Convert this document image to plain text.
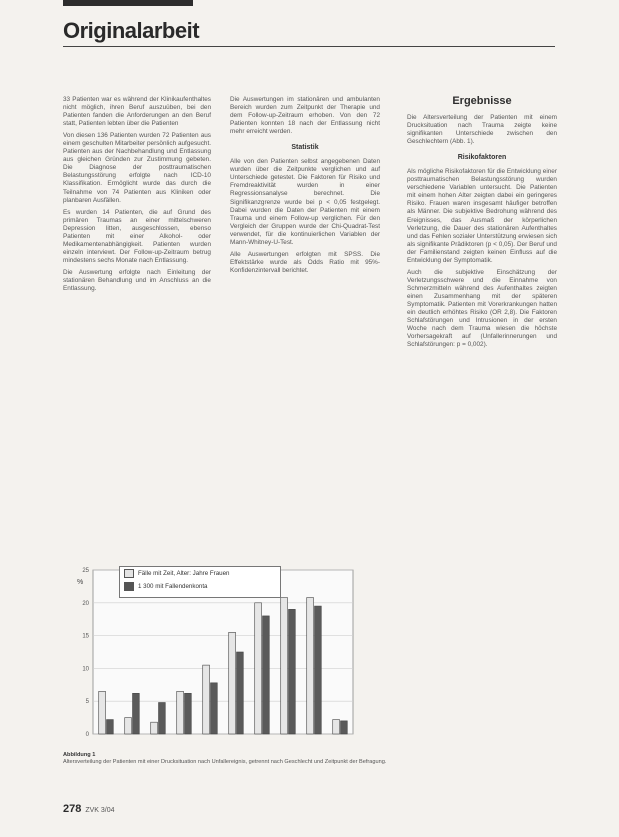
Originalarbeit

33 Patienten war es während der Klinikaufenthaltes nicht möglich, ihren Beruf auszuüben, bei den Patienten fanden die Anforderungen an den Beruf statt, Patienten lebten über die Patienten

Von diesen 136 Patienten wurden 72 Patienten aus einem geschulten Mitarbeiter persönlich aufgesucht. Patienten aus der Nachbehandlung und Entlassung aus gleichen Gründen zur Zustimmung gebeten. Die Diagnose der posttraumatischen Belastungsstörung erfolgte nach ICD-10 Klassifikation. Ermöglicht wurde das durch die Teilnahme von 74 Patienten aus Kliniken oder planbaren Ausfällen.

Es wurden 14 Patienten, die auf Grund des primären Traumas an einer mittelschweren Depression litten, ausgeschlossen, ebenso Patienten mit einer Alkohol- oder Medikamentenabhängigkeit. Patienten wurden einzeln interviewt. Der Follow-up-Zeitraum betrug mindestens sechs Monate nach Entlassung.

Die Auswertung erfolgte nach Einleitung der stationären Behandlung und im Anschluss an die Entlassung.

Die Auswertungen im stationären und ambulanten Bereich wurden zum Zeitpunkt der Therapie und dem Follow-up-Zeitraum erhoben. Von den 72 Patienten konnten 18 nach der Entlassung nicht mehr erreicht werden.

Statistik

Alle von den Patienten selbst angegebenen Daten wurden über die Zeitpunkte verglichen und auf Unterschiede getestet. Die Faktoren für Risiko und Fremdreaktivität wurden in einer Regressionsanalyse berechnet. Die Signifikanzgrenze wurde bei p < 0,05 festgelegt. Dabei wurden die Daten der Patienten mit einem Trauma und einem Follow-up verglichen. Für den Vergleich der Gruppen wurde der Chi-Quadrat-Test verwendet, für die kontinuierlichen Variablen der Mann-Whitney-U-Test.

Alle Auswertungen erfolgten mit SPSS. Die Effektstärke wurde als Odds Ratio mit 95%-Konfidenzintervall berichtet.

Ergebnisse

Die Altersverteilung der Patienten mit einem Drucksituation nach Trauma zeigte keine signifikanten Unterschiede zwischen den Geschlechtern (Abb. 1).

Risikofaktoren

Als mögliche Risikofaktoren für die Entwicklung einer posttraumatischen Belastungsstörung wurden verschiedene Variablen untersucht. Die Patienten mit einem hohen Alter zeigten dabei ein geringeres Risiko. Frauen waren insgesamt häufiger betroffen als Männer. Die subjektive Bedrohung während des Ereignisses, das Ausmaß der körperlichen Verletzung, die Dauer des stationären Aufenthaltes und das Fehlen sozialer Unterstützung erwiesen sich als signifikante Prädiktoren (p < 0,05). Der Beruf und der Familienstand zeigten keinen Einfluss auf die Entwicklung der Symptomatik.

Auch die subjektive Einschätzung der Verletzungsschwere und die Einnahme von Schmerzmitteln während des Aufenthaltes zeigten einen Zusammenhang mit der späteren Symptomatik. Patienten mit Vorerkrankungen hatten ein deutlich erhöhtes Risiko (OR 2,8). Die Faktoren Schlafstörungen und Intrusionen in der ersten Woche nach dem Trauma wiesen die höchste Vorhersagekraft auf (Unfallerinnerungen und Schlafstörungen: p = 0,002).

0
5
10
15
20
25
%
Fälle mit Zeit, Alter: Jahre Frauen
1 300 mit Fallendenkonta
Abbildung 1
Altersverteilung der Patienten mit einer Drucksituation nach Unfallereignis, getrennt nach Geschlecht und Zeitpunkt der Befragung.
278 ZVK 3/04
